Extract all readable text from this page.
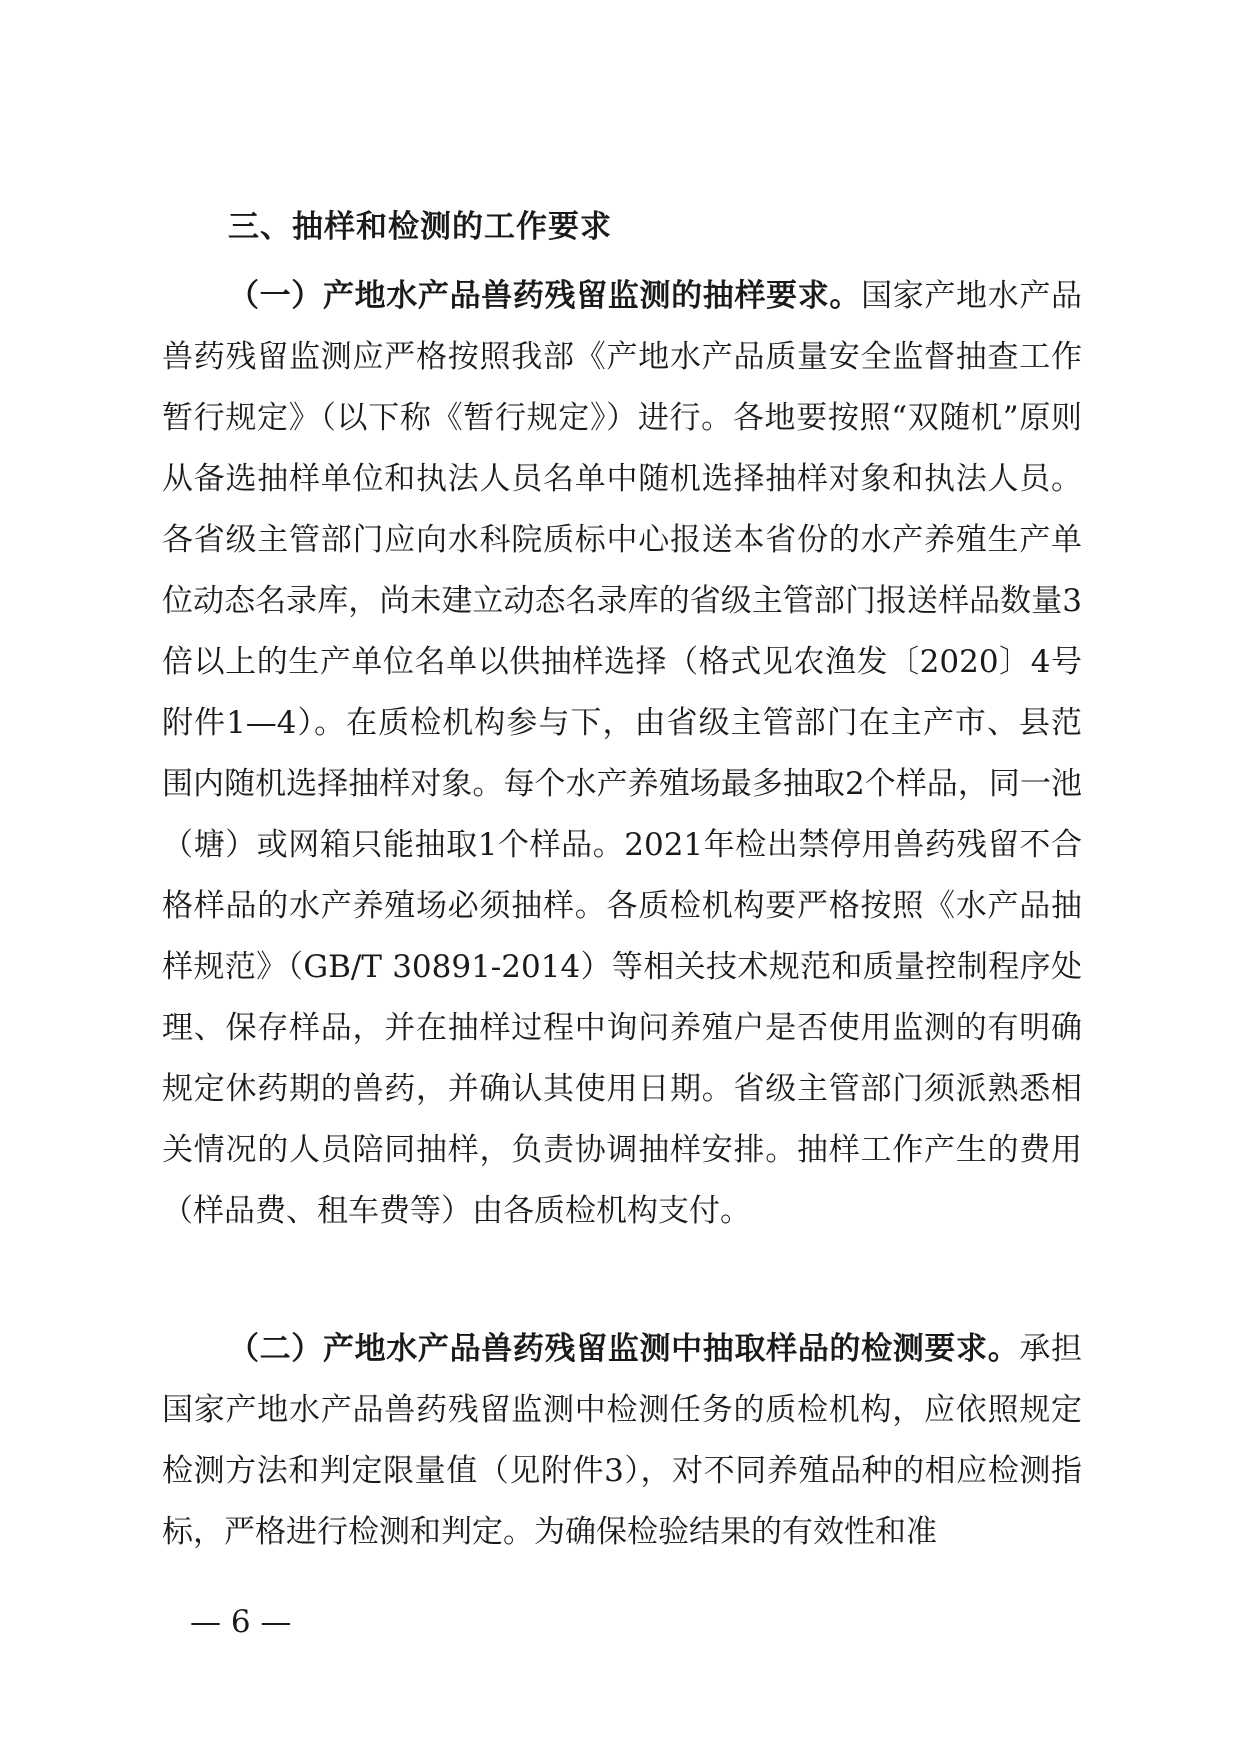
三、抽样和检测的工作要求
（一）产地水产品兽药残留监测的抽样要求。国家产地水产品兽药残留监测应严格按照我部《产地水产品质量安全监督抽查工作暂行规定》（以下称《暂行规定》）进行。各地要按照“双随机”原则从备选抽样单位和执法人员名单中随机选择抽样对象和执法人员。各省级主管部门应向水科院质标中心报送本省份的水产养殖生产单位动态名录库，尚未建立动态名录库的省级主管部门报送样品数量3倍以上的生产单位名单以供抽样选择（格式见农渔发〔2020〕4号附件1—4）。在质检机构参与下，由省级主管部门在主产市、县范围内随机选择抽样对象。每个水产养殖场最多抽取2个样品，同一池（塘）或网箱只能抽取1个样品。2021年检出禁停用兽药残留不合格样品的水产养殖场必须抽样。各质检机构要严格按照《水产品抽样规范》（GB/T 30891-2014）等相关技术规范和质量控制程序处理、保存样品，并在抽样过程中询问养殖户是否使用监测的有明确规定休药期的兽药，并确认其使用日期。省级主管部门须派熟悉相关情况的人员陪同抽样，负责协调抽样安排。抽样工作产生的费用（样品费、租车费等）由各质检机构支付。
（二）产地水产品兽药残留监测中抽取样品的检测要求。承担国家产地水产品兽药残留监测中检测任务的质检机构，应依照规定检测方法和判定限量值（见附件3），对不同养殖品种的相应检测指标，严格进行检测和判定。为确保检验结果的有效性和准
— 6 —
